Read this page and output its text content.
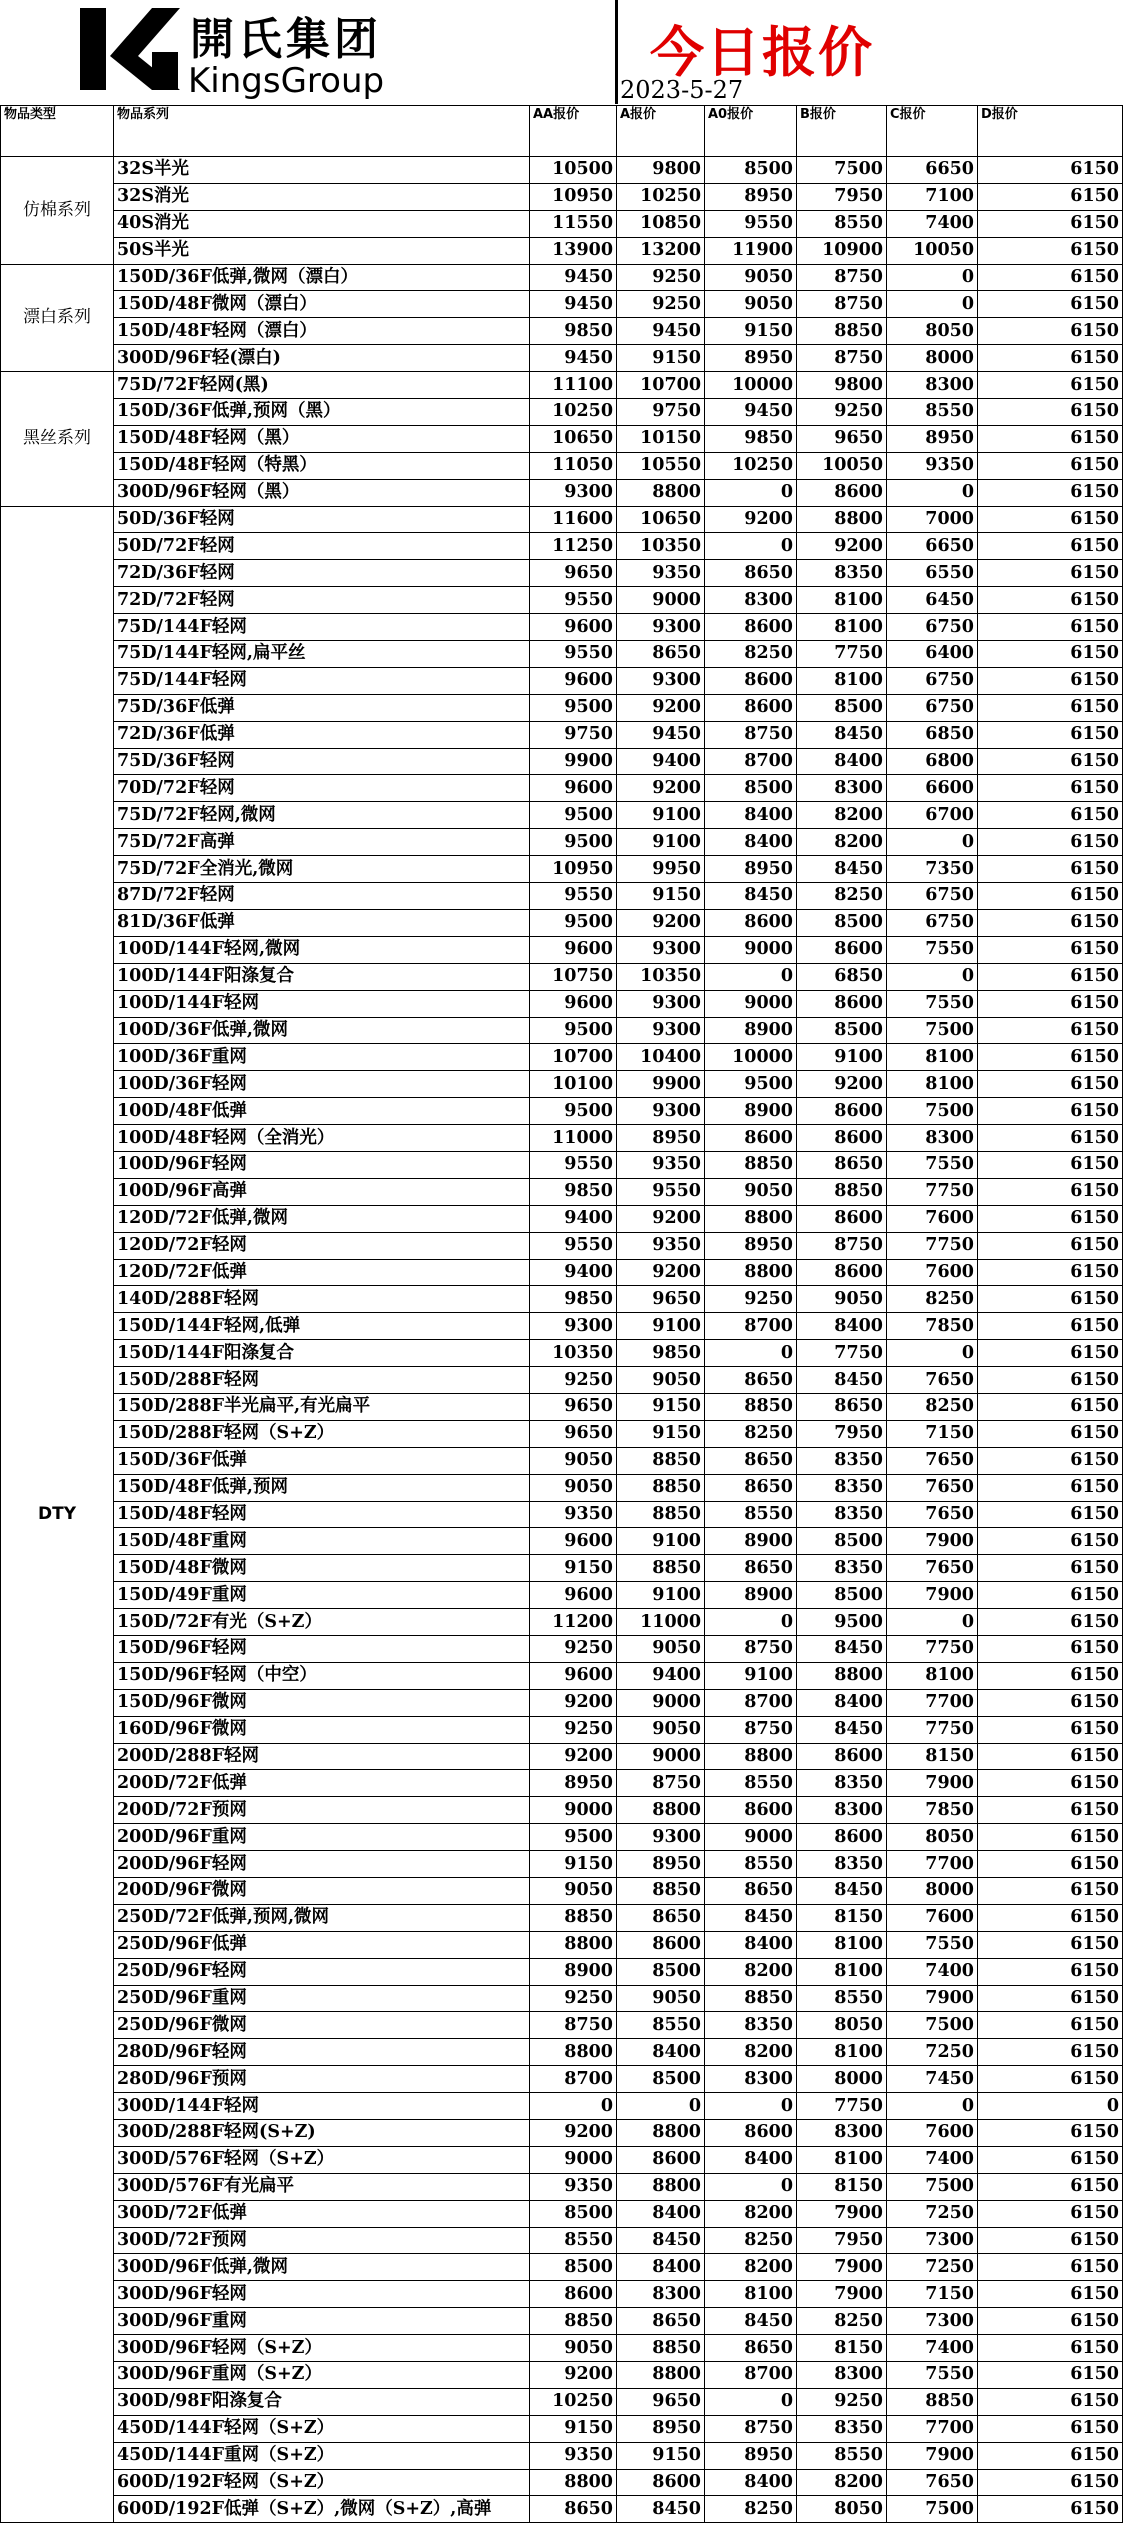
開氏集团
KingsGroup	今日报价
2023-5-27
物品类型	物品系列	AA报价	A报价	A0报价	B报价	C报价	D报价
仿棉系列	32S半光	10500	9800	8500	7500	6650	6150
	32S消光	10950	10250	8950	7950	7100	6150
	40S消光	11550	10850	9550	8550	7400	6150
	50S半光	13900	13200	11900	10900	10050	6150
漂白系列	150D/36F低弹,微网（漂白）	9450	9250	9050	8750	0	6150
	150D/48F微网（漂白）	9450	9250	9050	8750	0	6150
	150D/48F轻网（漂白）	9850	9450	9150	8850	8050	6150
	300D/96F轻(漂白)	9450	9150	8950	8750	8000	6150
黑丝系列	75D/72F轻网(黑)	11100	10700	10000	9800	8300	6150
	150D/36F低弹,预网（黑）	10250	9750	9450	9250	8550	6150
	150D/48F轻网（黑）	10650	10150	9850	9650	8950	6150
	150D/48F轻网（特黑）	11050	10550	10250	10050	9350	6150
	300D/96F轻网（黑）	9300	8800	0	8600	0	6150
DTY	50D/36F轻网	11600	10650	9200	8800	7000	6150
	50D/72F轻网	11250	10350	0	9200	6650	6150
	72D/36F轻网	9650	9350	8650	8350	6550	6150
	72D/72F轻网	9550	9000	8300	8100	6450	6150
	75D/144F轻网	9600	9300	8600	8100	6750	6150
	75D/144F轻网,扁平丝	9550	8650	8250	7750	6400	6150
	75D/144F轻网	9600	9300	8600	8100	6750	6150
	75D/36F低弹	9500	9200	8600	8500	6750	6150
	72D/36F低弹	9750	9450	8750	8450	6850	6150
	75D/36F轻网	9900	9400	8700	8400	6800	6150
	70D/72F轻网	9600	9200	8500	8300	6600	6150
	75D/72F轻网,微网	9500	9100	8400	8200	6700	6150
	75D/72F高弹	9500	9100	8400	8200	0	6150
	75D/72F全消光,微网	10950	9950	8950	8450	7350	6150
	87D/72F轻网	9550	9150	8450	8250	6750	6150
	81D/36F低弹	9500	9200	8600	8500	6750	6150
	100D/144F轻网,微网	9600	9300	9000	8600	7550	6150
	100D/144F阳涤复合	10750	10350	0	6850	0	6150
	100D/144F轻网	9600	9300	9000	8600	7550	6150
	100D/36F低弹,微网	9500	9300	8900	8500	7500	6150
	100D/36F重网	10700	10400	10000	9100	8100	6150
	100D/36F轻网	10100	9900	9500	9200	8100	6150
	100D/48F低弹	9500	9300	8900	8600	7500	6150
	100D/48F轻网（全消光）	11000	8950	8600	8600	8300	6150
	100D/96F轻网	9550	9350	8850	8650	7550	6150
	100D/96F高弹	9850	9550	9050	8850	7750	6150
	120D/72F低弹,微网	9400	9200	8800	8600	7600	6150
	120D/72F轻网	9550	9350	8950	8750	7750	6150
	120D/72F低弹	9400	9200	8800	8600	7600	6150
	140D/288F轻网	9850	9650	9250	9050	8250	6150
	150D/144F轻网,低弹	9300	9100	8700	8400	7850	6150
	150D/144F阳涤复合	10350	9850	0	7750	0	6150
	150D/288F轻网	9250	9050	8650	8450	7650	6150
	150D/288F半光扁平,有光扁平	9650	9150	8850	8650	8250	6150
	150D/288F轻网（S+Z）	9650	9150	8250	7950	7150	6150
	150D/36F低弹	9050	8850	8650	8350	7650	6150
	150D/48F低弹,预网	9050	8850	8650	8350	7650	6150
	150D/48F轻网	9350	8850	8550	8350	7650	6150
	150D/48F重网	9600	9100	8900	8500	7900	6150
	150D/48F微网	9150	8850	8650	8350	7650	6150
	150D/49F重网	9600	9100	8900	8500	7900	6150
	150D/72F有光（S+Z）	11200	11000	0	9500	0	6150
	150D/96F轻网	9250	9050	8750	8450	7750	6150
	150D/96F轻网（中空）	9600	9400	9100	8800	8100	6150
	150D/96F微网	9200	9000	8700	8400	7700	6150
	160D/96F微网	9250	9050	8750	8450	7750	6150
	200D/288F轻网	9200	9000	8800	8600	8150	6150
	200D/72F低弹	8950	8750	8550	8350	7900	6150
	200D/72F预网	9000	8800	8600	8300	7850	6150
	200D/96F重网	9500	9300	9000	8600	8050	6150
	200D/96F轻网	9150	8950	8550	8350	7700	6150
	200D/96F微网	9050	8850	8650	8450	8000	6150
	250D/72F低弹,预网,微网	8850	8650	8450	8150	7600	6150
	250D/96F低弹	8800	8600	8400	8100	7550	6150
	250D/96F轻网	8900	8500	8200	8100	7400	6150
	250D/96F重网	9250	9050	8850	8550	7900	6150
	250D/96F微网	8750	8550	8350	8050	7500	6150
	280D/96F轻网	8800	8400	8200	8100	7250	6150
	280D/96F预网	8700	8500	8300	8000	7450	6150
	300D/144F轻网	0	0	0	7750	0	0
	300D/288F轻网(S+Z)	9200	8800	8600	8300	7600	6150
	300D/576F轻网（S+Z）	9000	8600	8400	8100	7400	6150
	300D/576F有光扁平	9350	8800	0	8150	7500	6150
	300D/72F低弹	8500	8400	8200	7900	7250	6150
	300D/72F预网	8550	8450	8250	7950	7300	6150
	300D/96F低弹,微网	8500	8400	8200	7900	7250	6150
	300D/96F轻网	8600	8300	8100	7900	7150	6150
	300D/96F重网	8850	8650	8450	8250	7300	6150
	300D/96F轻网（S+Z）	9050	8850	8650	8150	7400	6150
	300D/96F重网（S+Z）	9200	8800	8700	8300	7550	6150
	300D/98F阳涤复合	10250	9650	0	9250	8850	6150
	450D/144F轻网（S+Z）	9150	8950	8750	8350	7700	6150
	450D/144F重网（S+Z）	9350	9150	8950	8550	7900	6150
	600D/192F轻网（S+Z）	8800	8600	8400	8200	7650	6150
	600D/192F低弹（S+Z）,微网（S+Z）,高弹	8650	8450	8250	8050	7500	6150
